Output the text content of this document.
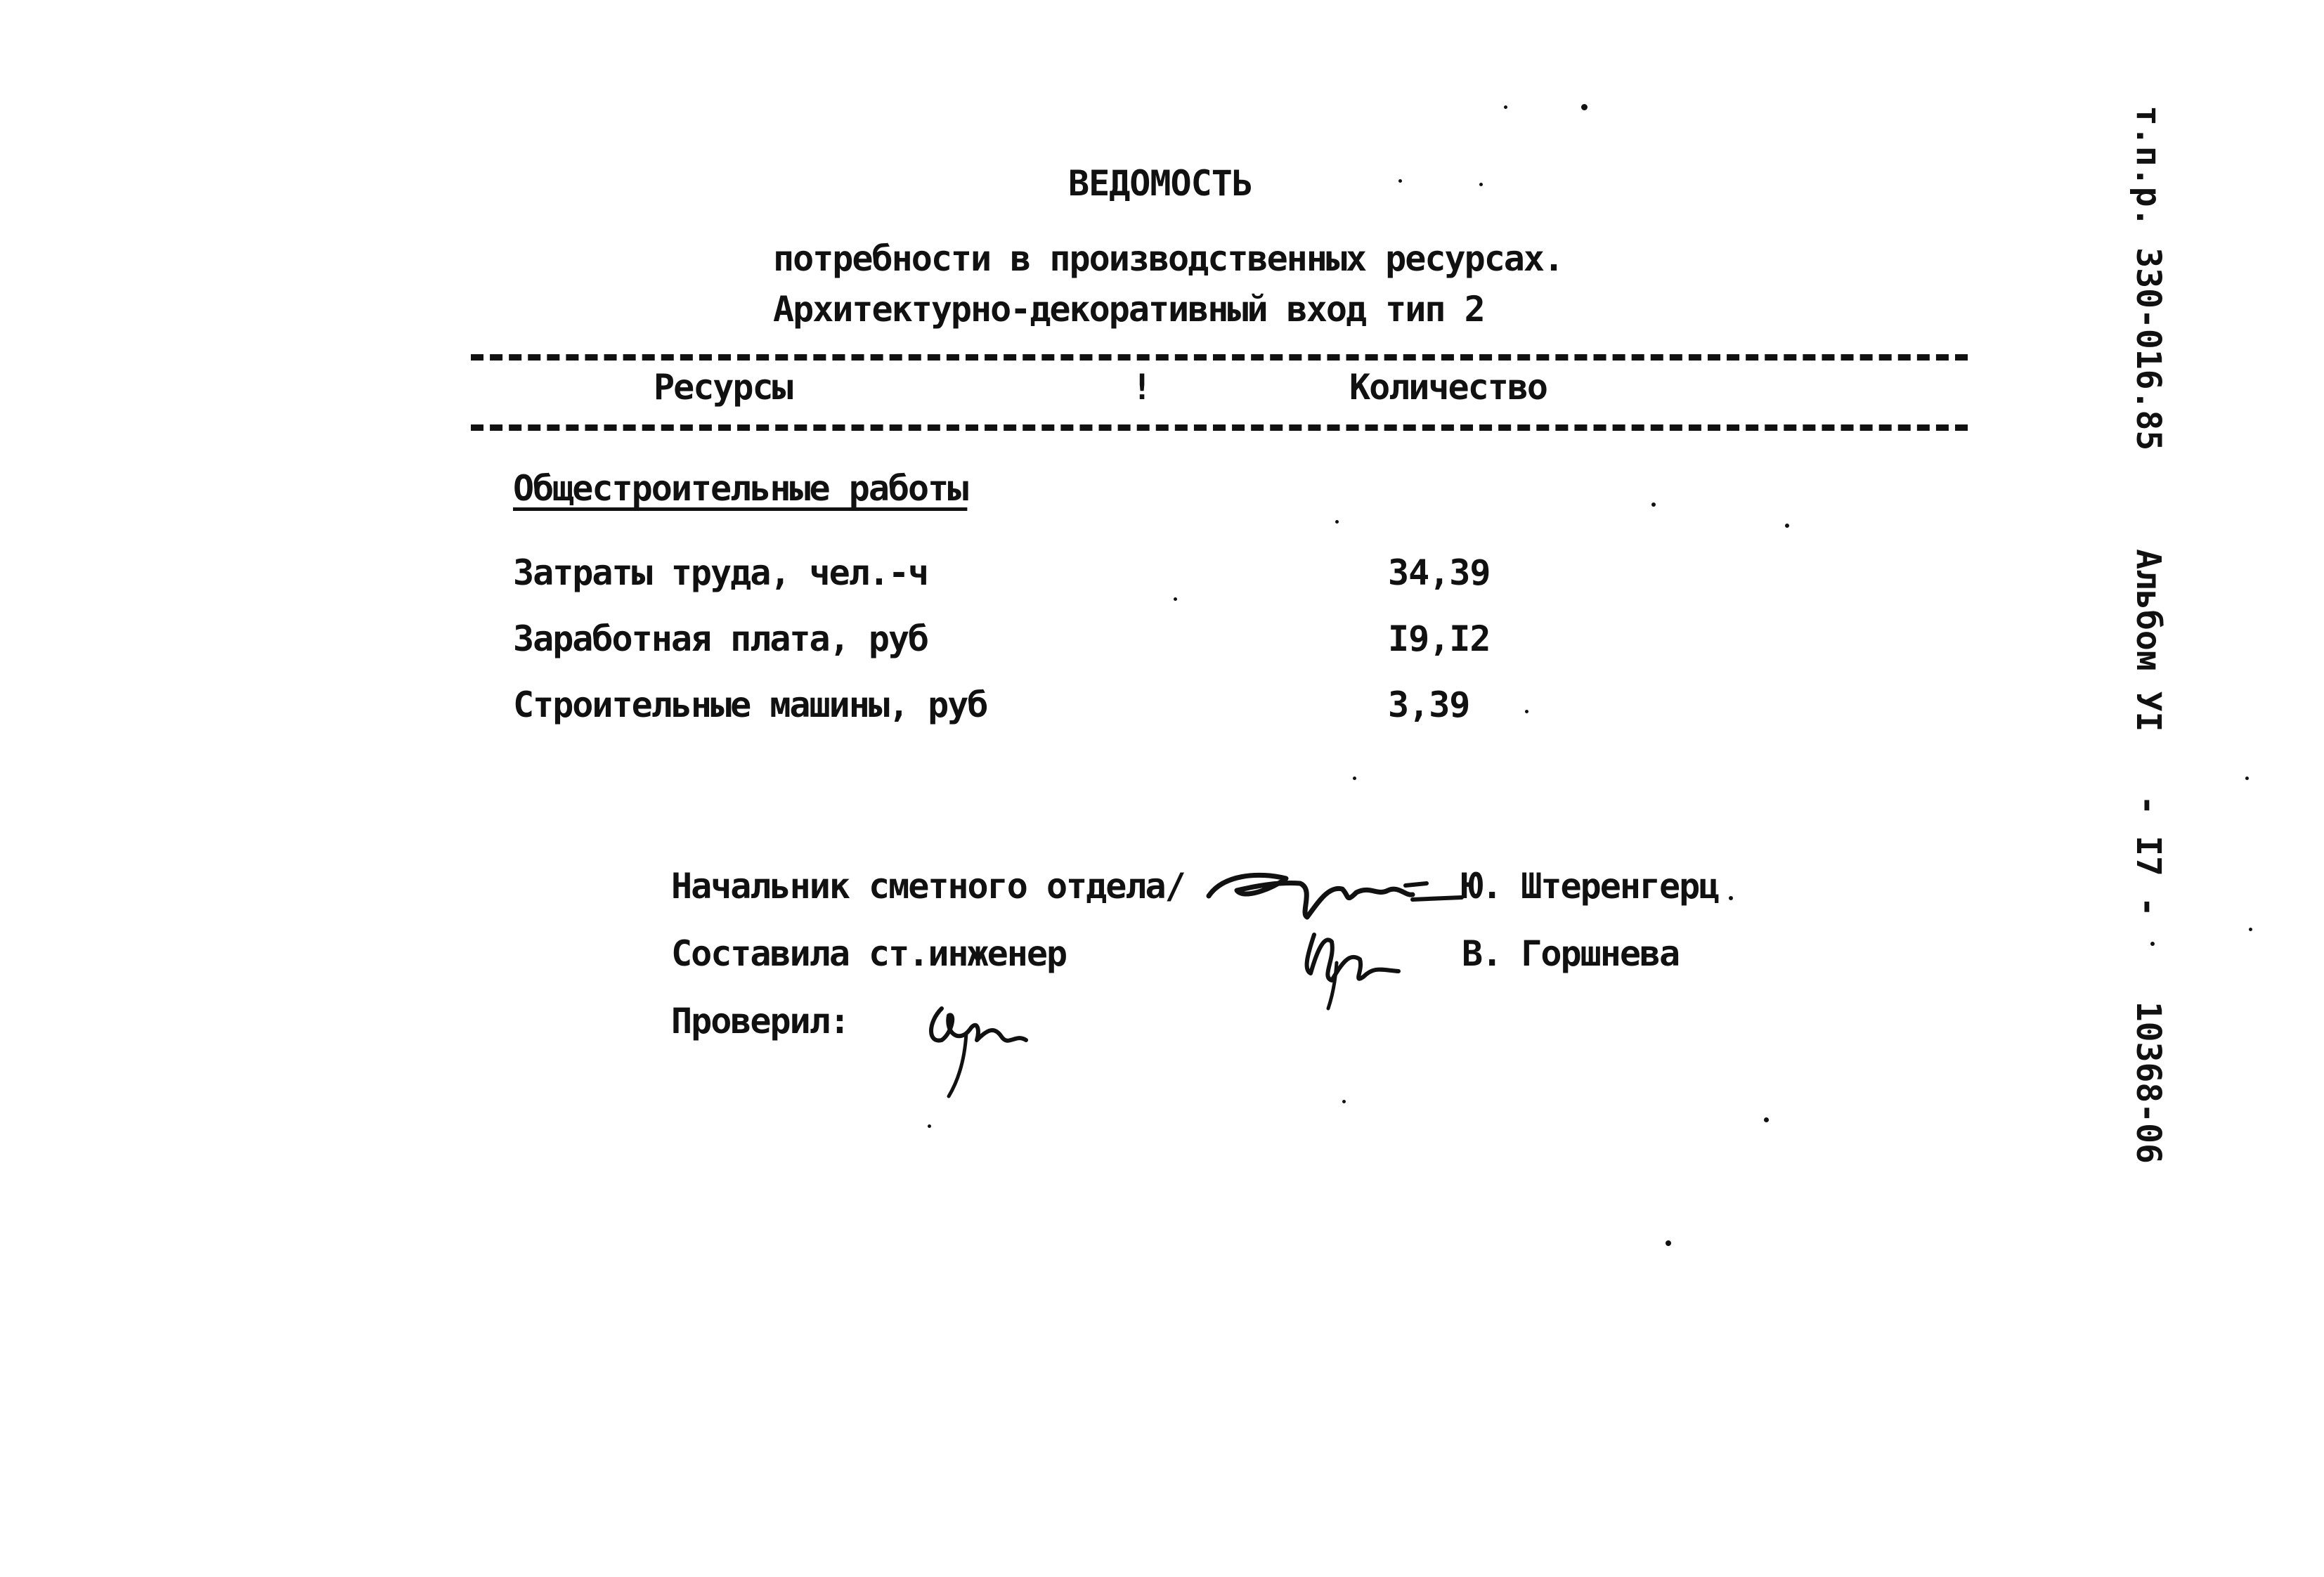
ВЕДОМОСТЬ
потребности в производственных ресурсах.
Архитектурно-декоративный вход тип 2
Ресурсы	!	Количество
Общестроительные работы
Затраты труда, чел.-ч	34,39
Заработная плата, руб	I9,I2
Строительные машины, руб	3,39
Начальник сметного отдела/	Ю. Штеренгерц
Составила ст.инженер	В. Горшнева
Проверил:
т.п.р. 330-016.85Альбом УI- I7 -10368-06
